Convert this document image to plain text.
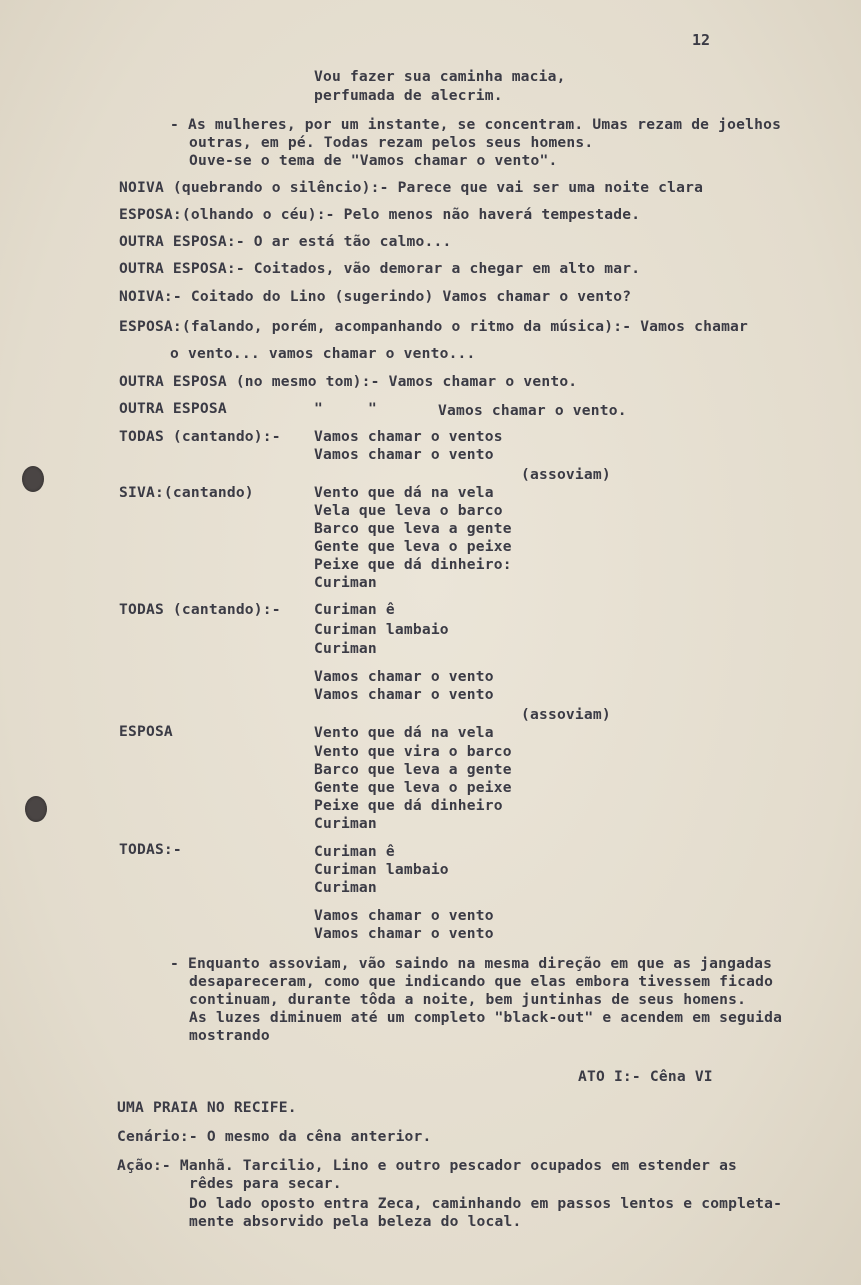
12
Vou fazer sua caminha macia,
perfumada de alecrim.
- As mulheres, por um instante, se concentram. Umas rezam de joelhos
outras, em pé. Todas rezam pelos seus homens.
Ouve-se o tema de "Vamos chamar o vento".
NOIVA (quebrando o silêncio):- Parece que vai ser uma noite clara
ESPOSA:(olhando o céu):- Pelo menos não haverá tempestade.
OUTRA ESPOSA:- O ar está tão calmo...
OUTRA ESPOSA:- Coitados, vão demorar a chegar em alto mar.
NOIVA:- Coitado do Lino (sugerindo) Vamos chamar o vento?
ESPOSA:(falando, porém, acompanhando o ritmo da música):- Vamos chamar
o vento... vamos chamar o vento...
OUTRA ESPOSA (no mesmo tom):- Vamos chamar o vento.
OUTRA ESPOSA	"	"	Vamos chamar o vento.
TODAS (cantando):- Vamos chamar o ventos
Vamos chamar o vento
(assoviam)
SIVA:(cantando)	Vento que dá na vela
Vela que leva o barco
Barco que leva a gente
Gente que leva o peixe
Peixe que dá dinheiro:
Curiman
TODAS (cantando):- Curiman ê
Curiman lambaio
Curiman
Vamos chamar o vento
Vamos chamar o vento
(assoviam)
ESPOSA	Vento que dá na vela
Vento que vira o barco
Barco que leva a gente
Gente que leva o peixe
Peixe que dá dinheiro
Curiman
TODAS:-	Curiman ê
Curiman lambaio
Curiman
Vamos chamar o vento
Vamos chamar o vento
- Enquanto assoviam, vão saindo na mesma direção em que as jangadas
desapareceram, como que indicando que elas embora tivessem ficado
continuam, durante tôda a noite, bem juntinhas de seus homens.
As luzes diminuem até um completo "black-out" e acendem em seguida
mostrando
ATO I:- Cêna VI
UMA PRAIA NO RECIFE.
Cenário:- O mesmo da cêna anterior.
Ação:- Manhã. Tarcilio, Lino e outro pescador ocupados em estender as
rêdes para secar.
Do lado oposto entra Zeca, caminhando em passos lentos e completa-
mente absorvido pela beleza do local.
